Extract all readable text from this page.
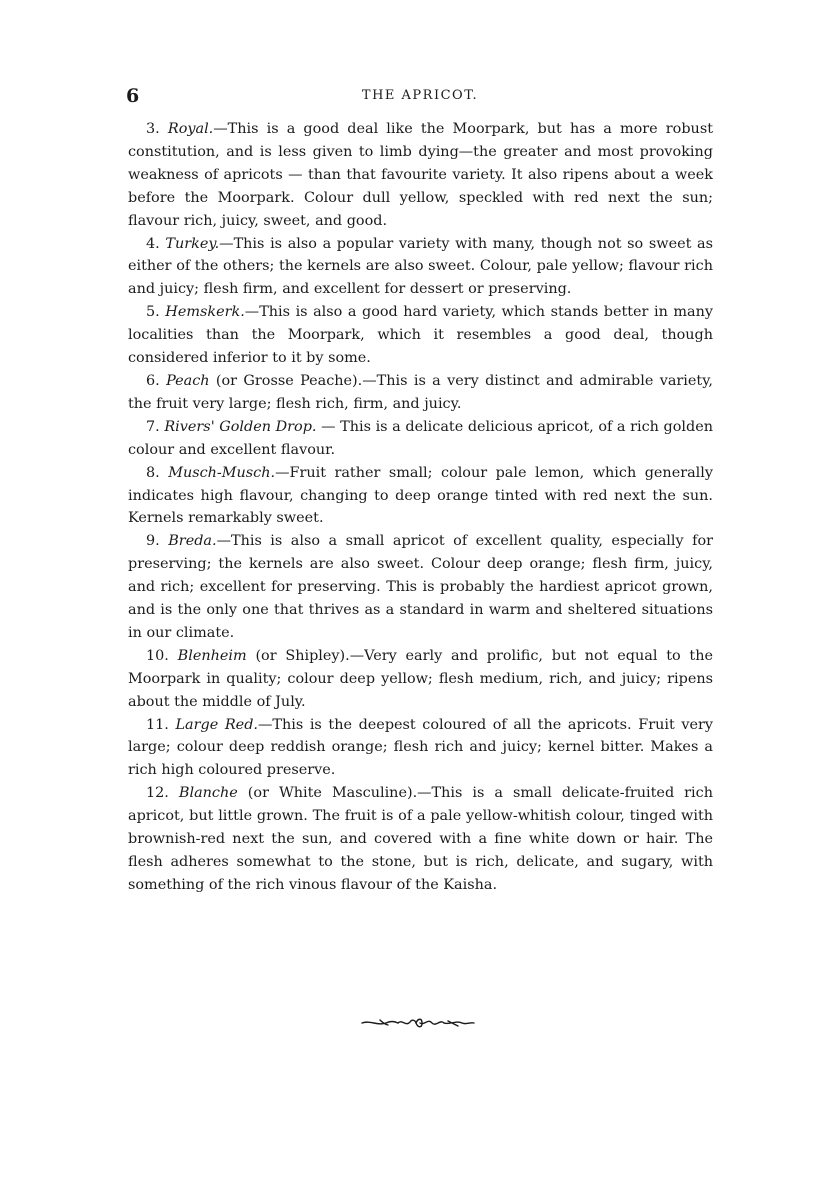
6	THE APRICOT.

3. Royal.—This is a good deal like the Moorpark, but has a more robust constitution, and is less given to limb dying—the greater and most provoking weakness of apricots — than that favourite variety. It also ripens about a week before the Moorpark. Colour dull yellow, speckled with red next the sun; flavour rich, juicy, sweet, and good.

4. Turkey.—This is also a popular variety with many, though not so sweet as either of the others; the kernels are also sweet. Colour, pale yellow; flavour rich and juicy; flesh firm, and excellent for dessert or preserving.

5. Hemskerk.—This is also a good hard variety, which stands better in many localities than the Moorpark, which it resembles a good deal, though considered inferior to it by some.

6. Peach (or Grosse Peache).—This is a very distinct and admirable variety, the fruit very large; flesh rich, firm, and juicy.

7. Rivers' Golden Drop. — This is a delicate delicious apricot, of a rich golden colour and excellent flavour.

8. Musch-Musch.—Fruit rather small; colour pale lemon, which generally indicates high flavour, changing to deep orange tinted with red next the sun. Kernels remarkably sweet.

9. Breda.—This is also a small apricot of excellent quality, especially for preserving; the kernels are also sweet. Colour deep orange; flesh firm, juicy, and rich; excellent for preserving. This is probably the hardiest apricot grown, and is the only one that thrives as a standard in warm and sheltered situations in our climate.

10. Blenheim (or Shipley).—Very early and prolific, but not equal to the Moorpark in quality; colour deep yellow; flesh medium, rich, and juicy; ripens about the middle of July.

11. Large Red.—This is the deepest coloured of all the apricots. Fruit very large; colour deep reddish orange; flesh rich and juicy; kernel bitter. Makes a rich high coloured preserve.

12. Blanche (or White Masculine).—This is a small delicate-fruited rich apricot, but little grown. The fruit is of a pale yellow-whitish colour, tinged with brownish-red next the sun, and covered with a fine white down or hair. The flesh adheres somewhat to the stone, but is rich, delicate, and sugary, with something of the rich vinous flavour of the Kaisha.
